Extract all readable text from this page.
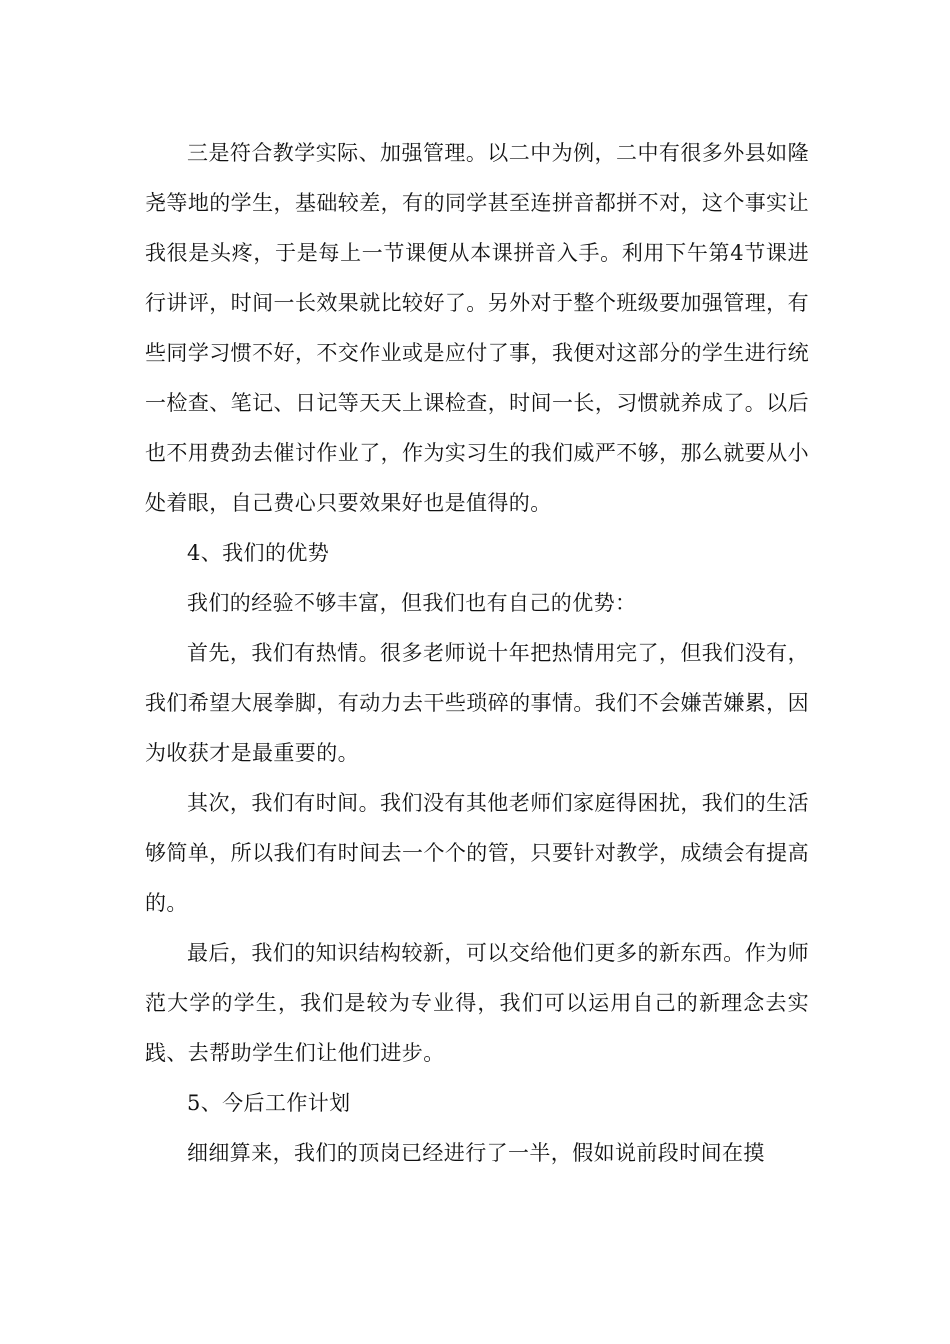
三是符合教学实际、加强管理。以二中为例，二中有很多外县如隆尧等地的学生，基础较差，有的同学甚至连拼音都拼不对，这个事实让我很是头疼，于是每上一节课便从本课拼音入手。利用下午第4节课进行讲评，时间一长效果就比较好了。另外对于整个班级要加强管理，有些同学习惯不好，不交作业或是应付了事，我便对这部分的学生进行统一检查、笔记、日记等天天上课检查，时间一长，习惯就养成了。以后也不用费劲去催讨作业了，作为实习生的我们威严不够，那么就要从小处着眼，自己费心只要效果好也是值得的。

4、我们的优势

我们的经验不够丰富，但我们也有自己的优势：

首先，我们有热情。很多老师说十年把热情用完了，但我们没有，我们希望大展拳脚，有动力去干些琐碎的事情。我们不会嫌苦嫌累，因为收获才是最重要的。

其次，我们有时间。我们没有其他老师们家庭得困扰，我们的生活够简单，所以我们有时间去一个个的管，只要针对教学，成绩会有提高的。

最后，我们的知识结构较新，可以交给他们更多的新东西。作为师范大学的学生，我们是较为专业得，我们可以运用自己的新理念去实践、去帮助学生们让他们进步。

5、今后工作计划

细细算来，我们的顶岗已经进行了一半，假如说前段时间在摸
